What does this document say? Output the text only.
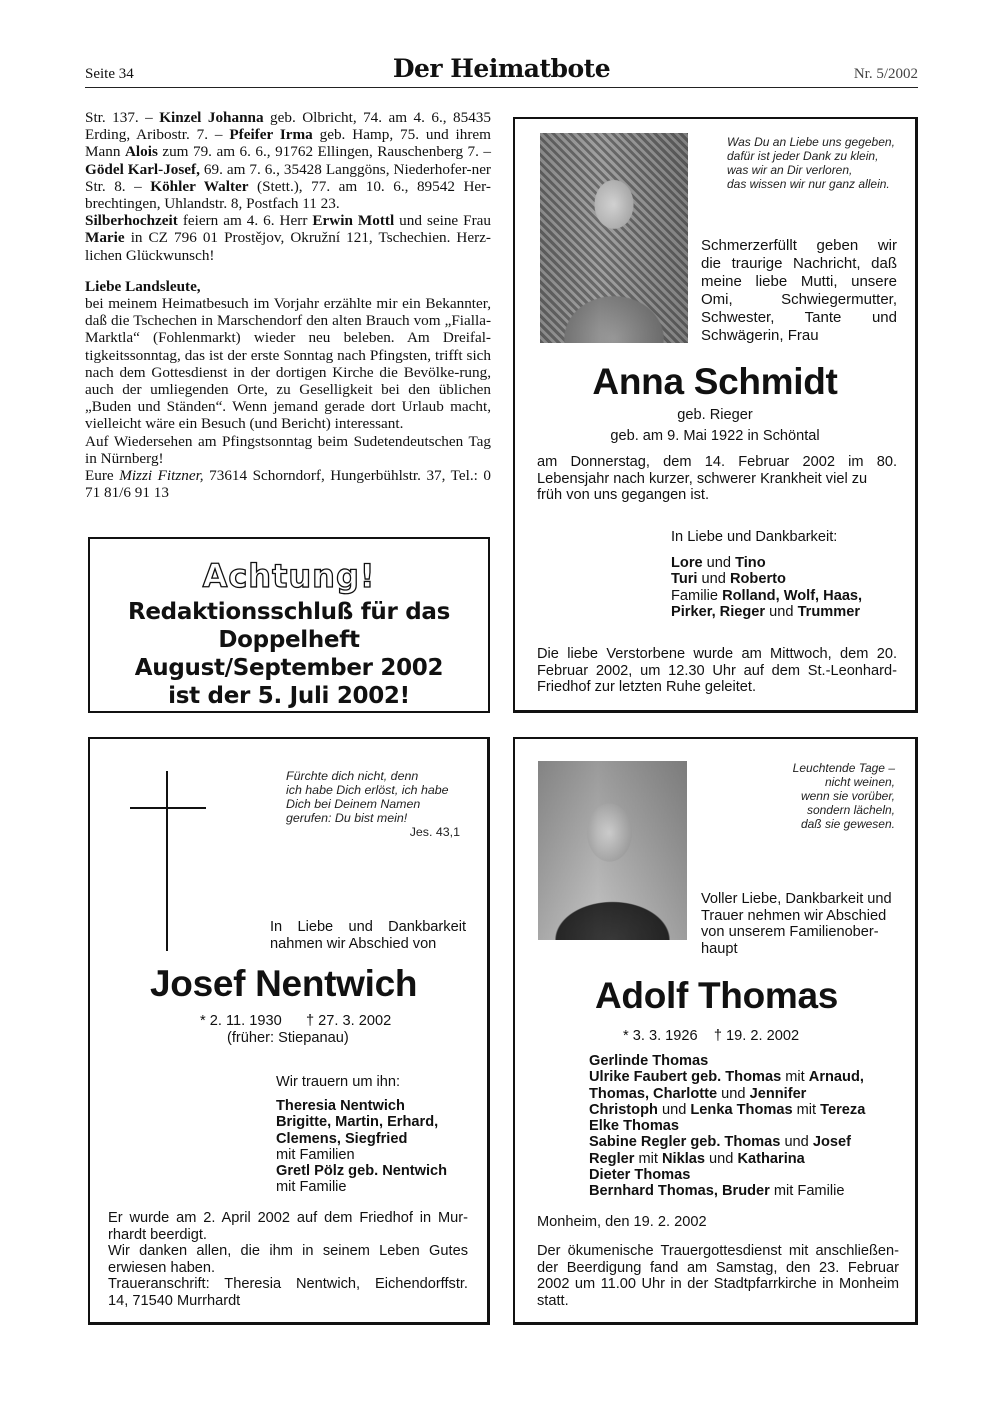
Seite 34	Der Heimatbote	Nr. 5/2002

Str. 137. – Kinzel Johanna geb. Olbricht, 74. am 4. 6., 85435 Erding, Aribostr. 7. – Pfeifer Irma geb. Hamp, 75. und ihrem Mann Alois zum 79. am 6. 6., 91762 Ellingen, Rauschenberg 7. – Gödel Karl-Josef, 69. am 7. 6., 35428 Langgöns, Niederhofer-ner Str. 8. – Köhler Walter (Stett.), 77. am 10. 6., 89542 Her-brechtingen, Uhlandstr. 8, Postfach 11 23.

Silberhochzeit feiern am 4. 6. Herr Erwin Mottl und seine Frau Marie in CZ 796 01 Prostějov, Okružní 121, Tschechien. Herz-lichen Glückwunsch!

Liebe Landsleute,

bei meinem Heimatbesuch im Vorjahr erzählte mir ein Bekannter, daß die Tschechen in Marschendorf den alten Brauch vom „Fialla-Marktla“ (Fohlenmarkt) wieder neu beleben. Am Dreifal-tigkeitssonntag, das ist der erste Sonntag nach Pfingsten, trifft sich nach dem Gottesdienst in der dortigen Kirche die Bevölke-rung, auch der umliegenden Orte, zu Geselligkeit bei den üblichen „Buden und Ständen“. Wenn jemand gerade dort Urlaub macht, vielleicht wäre ein Besuch (und Bericht) interessant.

Auf Wiedersehen am Pfingstsonntag beim Sudetendeutschen Tag in Nürnberg!

Eure Mizzi Fitzner, 73614 Schorndorf, Hungerbühlstr. 37, Tel.: 0 71 81/6 91 13

Achtung!
Redaktionsschluß für das
Doppelheft
August/September 2002
ist der 5. Juli 2002!
Was Du an Liebe uns gegeben,
dafür ist jeder Dank zu klein,
was wir an Dir verloren,
das wissen wir nur ganz allein.
Schmerzerfüllt geben wir
die traurige Nachricht, daß
meine liebe Mutti, unsere
Omi, Schwiegermutter,
Schwester, Tante und
Schwägerin, Frau
Anna Schmidt
geb. Rieger
geb. am 9. Mai 1922 in Schöntal
am Donnerstag, dem 14. Februar 2002 im 80.
Lebensjahr nach kurzer, schwerer Krankheit viel zu
früh von uns gegangen ist.
In Liebe und Dankbarkeit:
Lore und Tino
Turi und Roberto
Familie Rolland, Wolf, Haas,
Pirker, Rieger und Trummer
Die liebe Verstorbene wurde am Mittwoch, dem 20.
Februar 2002, um 12.30 Uhr auf dem St.-Leonhard-
Friedhof zur letzten Ruhe geleitet.
Fürchte dich nicht, denn
ich habe Dich erlöst, ich habe
Dich bei Deinem Namen
gerufen: Du bist mein!
Jes. 43,1
In Liebe und Dankbarkeit
nahmen wir Abschied von
Josef Nentwich
* 2. 11. 1930      † 27. 3. 2002
(früher: Stiepanau)
Wir trauern um ihn:
Theresia Nentwich
Brigitte, Martin, Erhard,
Clemens, Siegfried
mit Familien
Gretl Pölz geb. Nentwich
mit Familie
Er wurde am 2. April 2002 auf dem Friedhof in Mur-
rhardt beerdigt.
Wir danken allen, die ihm in seinem Leben Gutes
erwiesen haben.
Traueranschrift: Theresia Nentwich, Eichendorffstr.
14, 71540 Murrhardt
Leuchtende Tage –
nicht weinen,
wenn sie vorüber,
sondern lächeln,
daß sie gewesen.
Voller Liebe, Dankbarkeit und
Trauer nehmen wir Abschied
von unserem Familienober-
haupt
Adolf Thomas
* 3. 3. 1926    † 19. 2. 2002
Gerlinde Thomas
Ulrike Faubert geb. Thomas mit Arnaud,
Thomas, Charlotte und Jennifer
Christoph und Lenka Thomas mit Tereza
Elke Thomas
Sabine Regler geb. Thomas und Josef
Regler mit Niklas und Katharina
Dieter Thomas
Bernhard Thomas, Bruder mit Familie
Monheim, den 19. 2. 2002
Der ökumenische Trauergottesdienst mit anschließen-
der Beerdigung fand am Samstag, den 23. Februar
2002 um 11.00 Uhr in der Stadtpfarrkirche in Monheim
statt.
